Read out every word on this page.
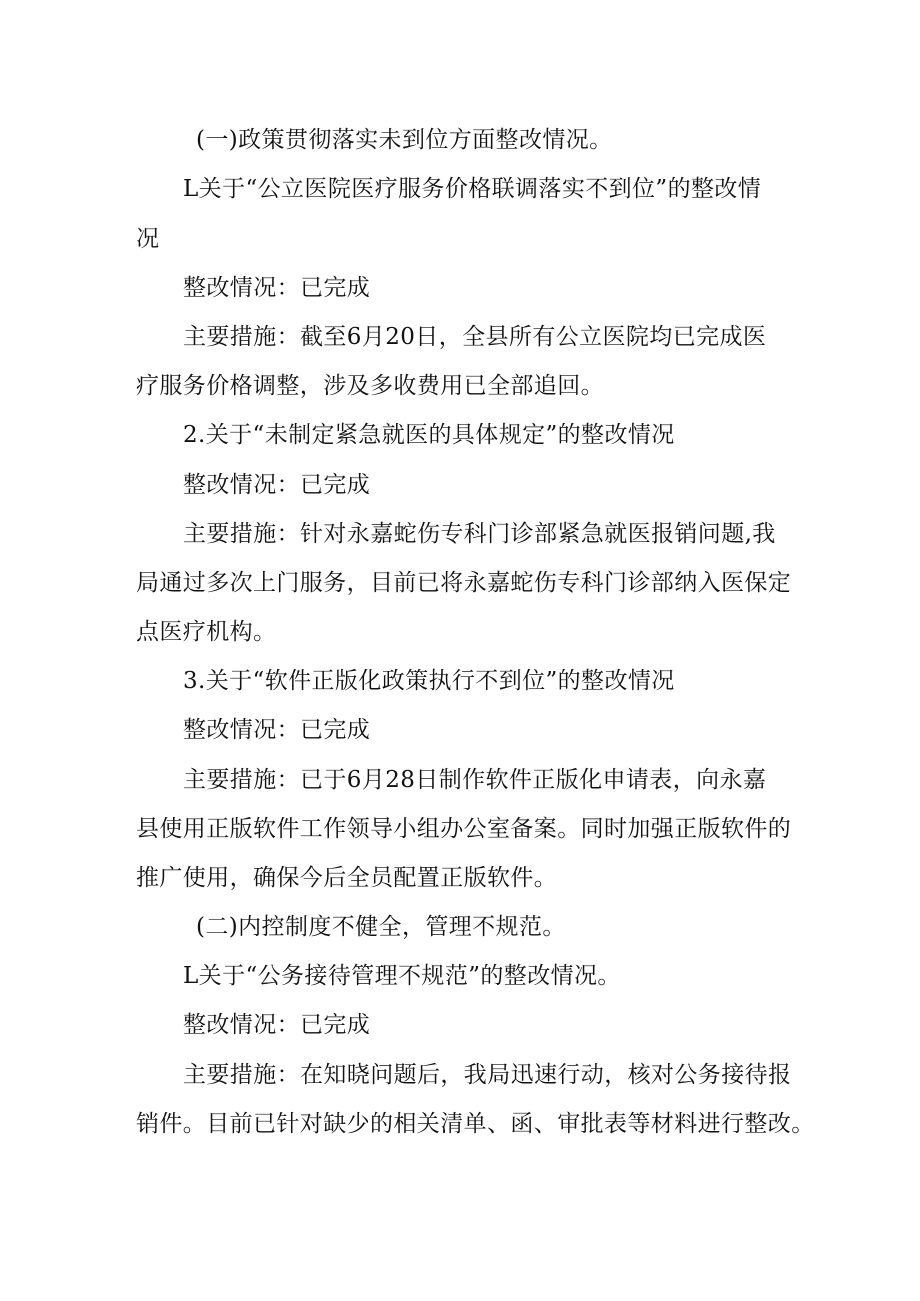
(一)政策贯彻落实未到位方面整改情况。
L关于“公立医院医疗服务价格联调落实不到位”的整改情
况
整改情况：已完成
主要措施：截至6月20日，全县所有公立医院均已完成医
疗服务价格调整，涉及多收费用已全部追回。
2.关于“未制定紧急就医的具体规定”的整改情况
整改情况：已完成
主要措施：针对永嘉蛇伤专科门诊部紧急就医报销问题,我
局通过多次上门服务，目前已将永嘉蛇伤专科门诊部纳入医保定
点医疗机构。
3.关于“软件正版化政策执行不到位”的整改情况
整改情况：已完成
主要措施：已于6月28日制作软件正版化申请表，向永嘉
县使用正版软件工作领导小组办公室备案。同时加强正版软件的
推广使用，确保今后全员配置正版软件。
(二)内控制度不健全，管理不规范。
L关于“公务接待管理不规范”的整改情况。
整改情况：已完成
主要措施：在知晓问题后，我局迅速行动，核对公务接待报
销件。目前已针对缺少的相关清单、函、审批表等材料进行整改。
